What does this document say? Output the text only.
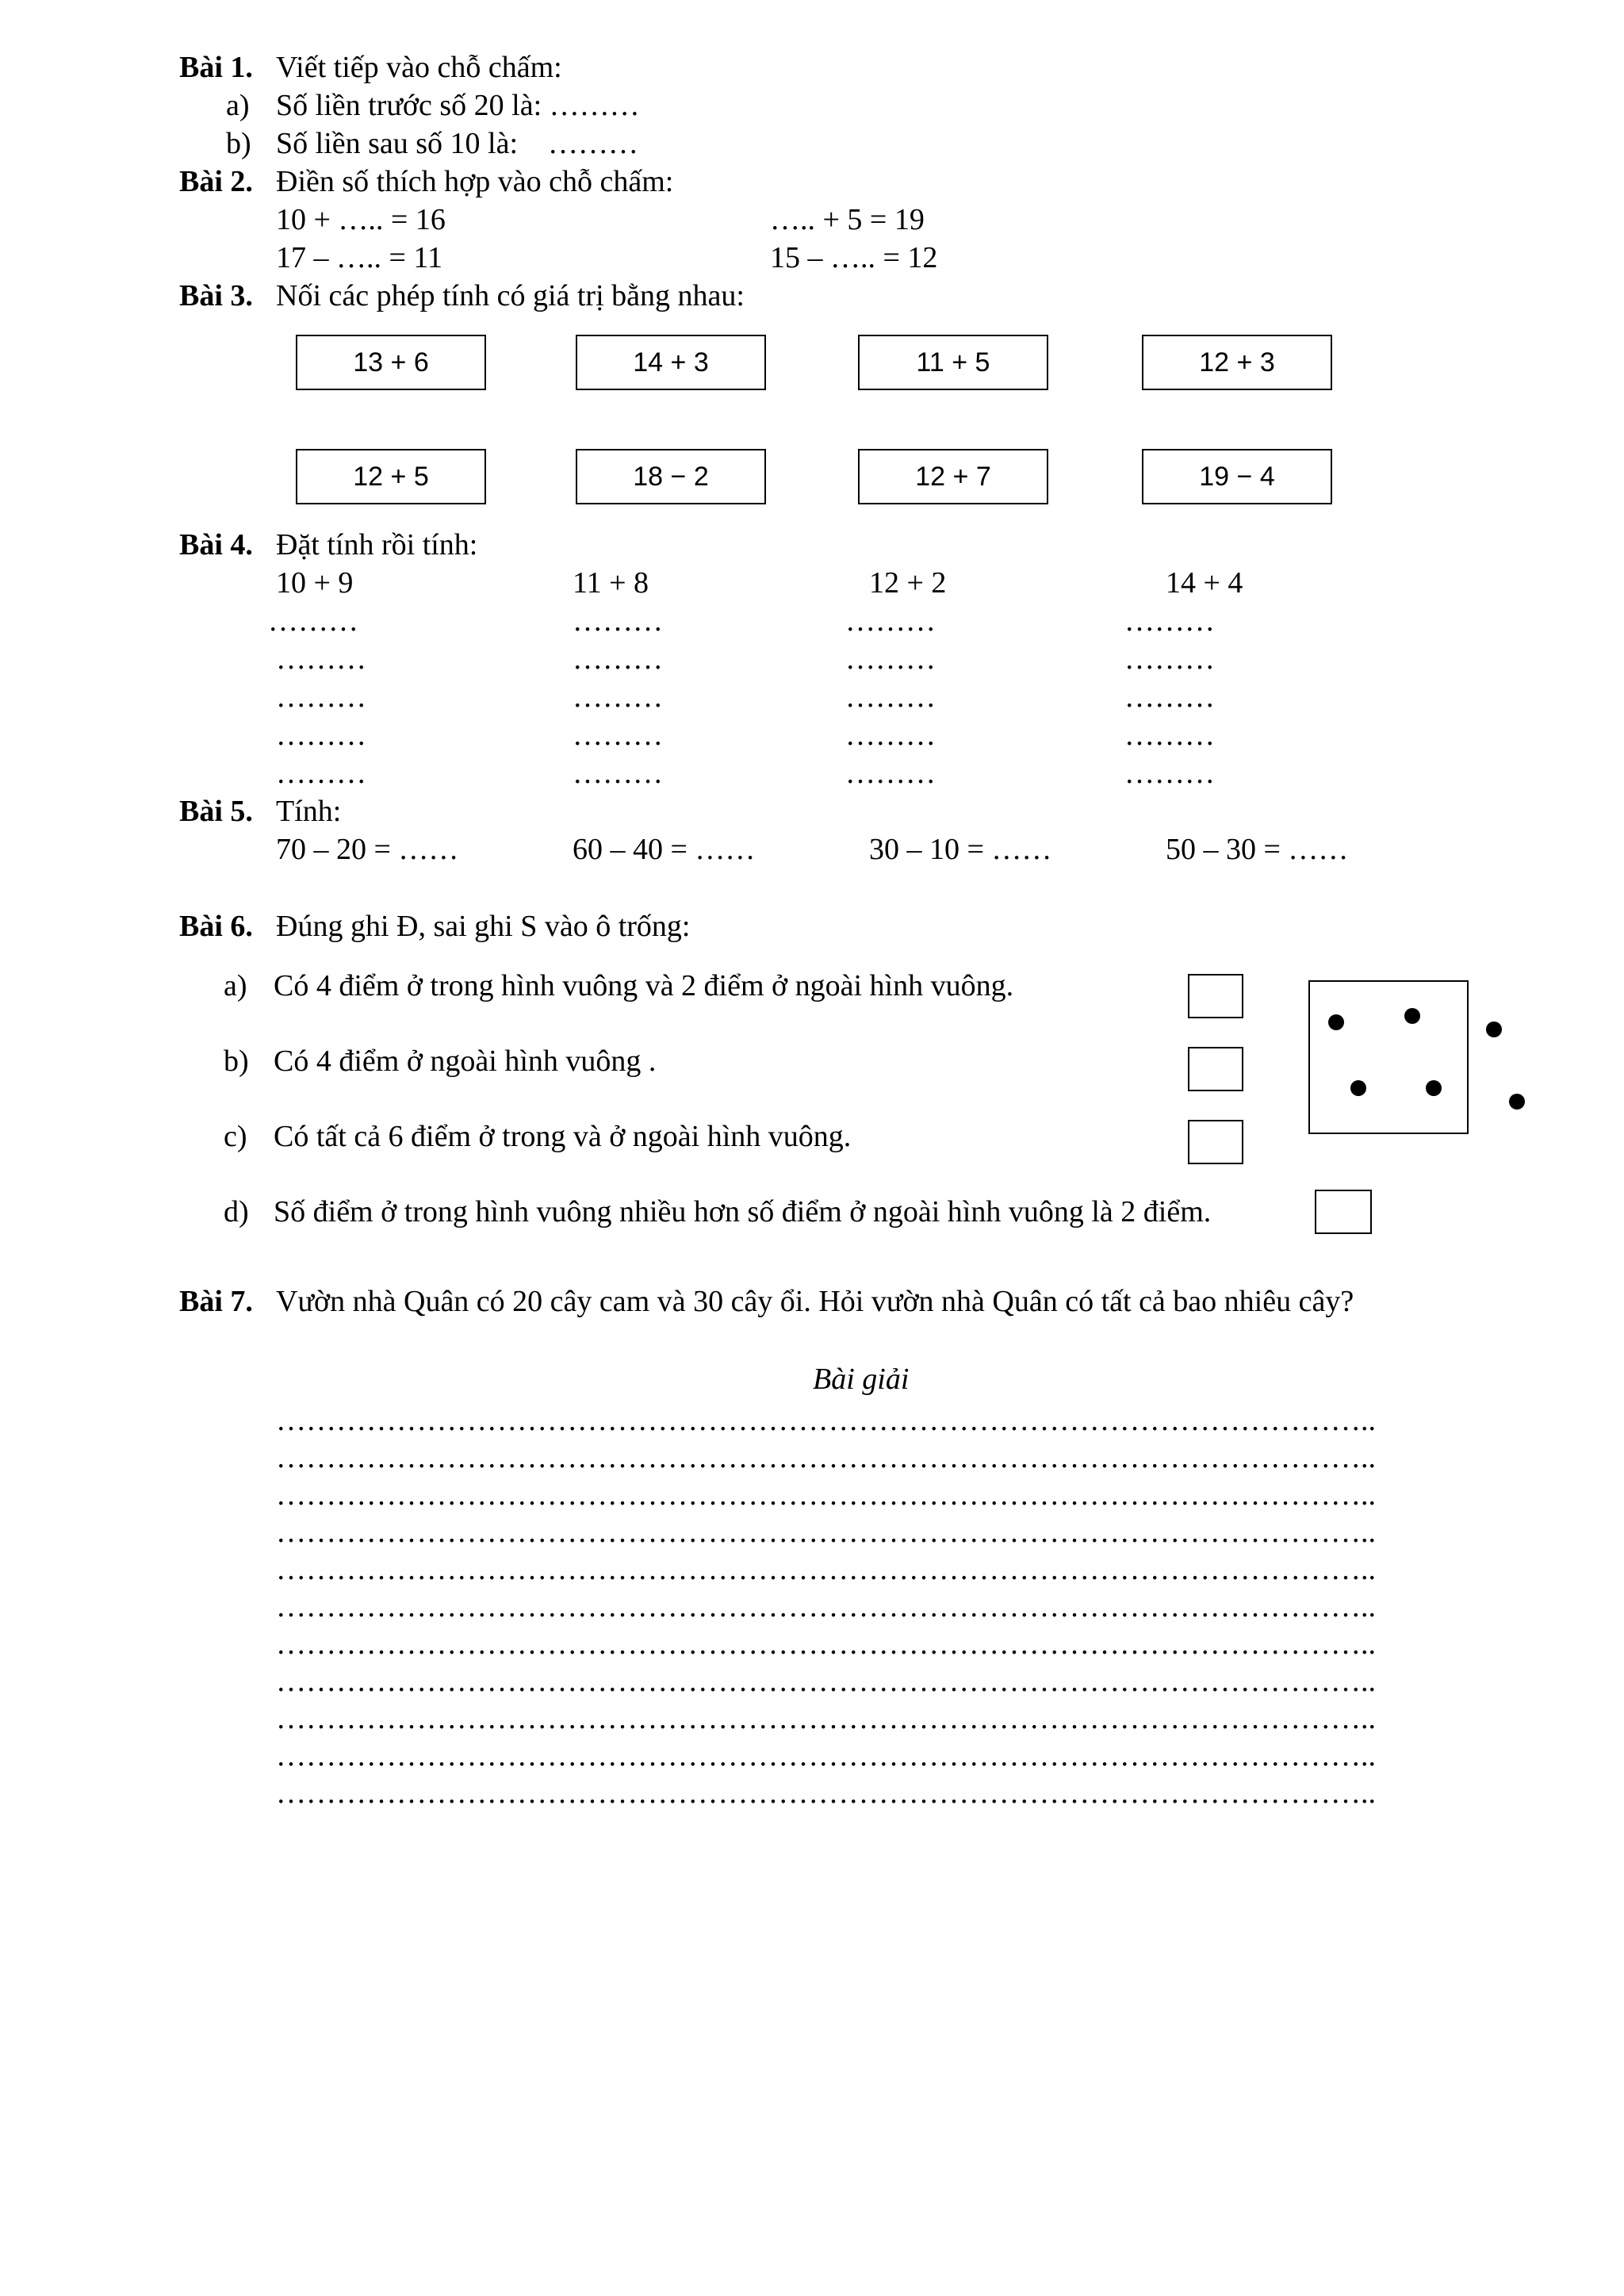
Bài 1. Viết tiếp vào chỗ chấm:
a) Số liền trước số 20 là: ………
b) Số liền sau số 10 là:    ………
Bài 2. Điền số thích hợp vào chỗ chấm:
10 + ….. = 16	….. + 5 = 19
17 – ….. = 11	15 – ….. = 12
Bài 3. Nối các phép tính có giá trị bằng nhau:
13 + 6	14 + 3	11 + 5	12 + 3
12 + 5	18 − 2	12 + 7	19 − 4
Bài 4. Đặt tính rồi tính:
10 + 9	11 + 8	12 + 2	14 + 4
………	………	………	………
………	………	………	………
………	………	………	………
………	………	………	………
………	………	………	………
Bài 5. Tính:
70 – 20 = ……	60 – 40 = ……	30 – 10 = ……	50 – 30 = ……
Bài 6. Đúng ghi Đ, sai ghi S vào ô trống:
a) Có 4 điểm ở trong hình vuông và 2 điểm ở ngoài hình vuông.
b) Có 4 điểm ở ngoài hình vuông .
c) Có tất cả 6 điểm ở trong và ở ngoài hình vuông.
d) Số điểm ở trong hình vuông nhiều hơn số điểm ở ngoài hình vuông là 2 điểm.
Bài 7. Vườn nhà Quân có 20 cây cam và 30 cây ổi. Hỏi vườn nhà Quân có tất cả bao nhiêu cây?
Bài giải
………………………………………………………………………………………………..
………………………………………………………………………………………………..
………………………………………………………………………………………………..
………………………………………………………………………………………………..
………………………………………………………………………………………………..
………………………………………………………………………………………………..
………………………………………………………………………………………………..
………………………………………………………………………………………………..
………………………………………………………………………………………………..
………………………………………………………………………………………………..
………………………………………………………………………………………………..
